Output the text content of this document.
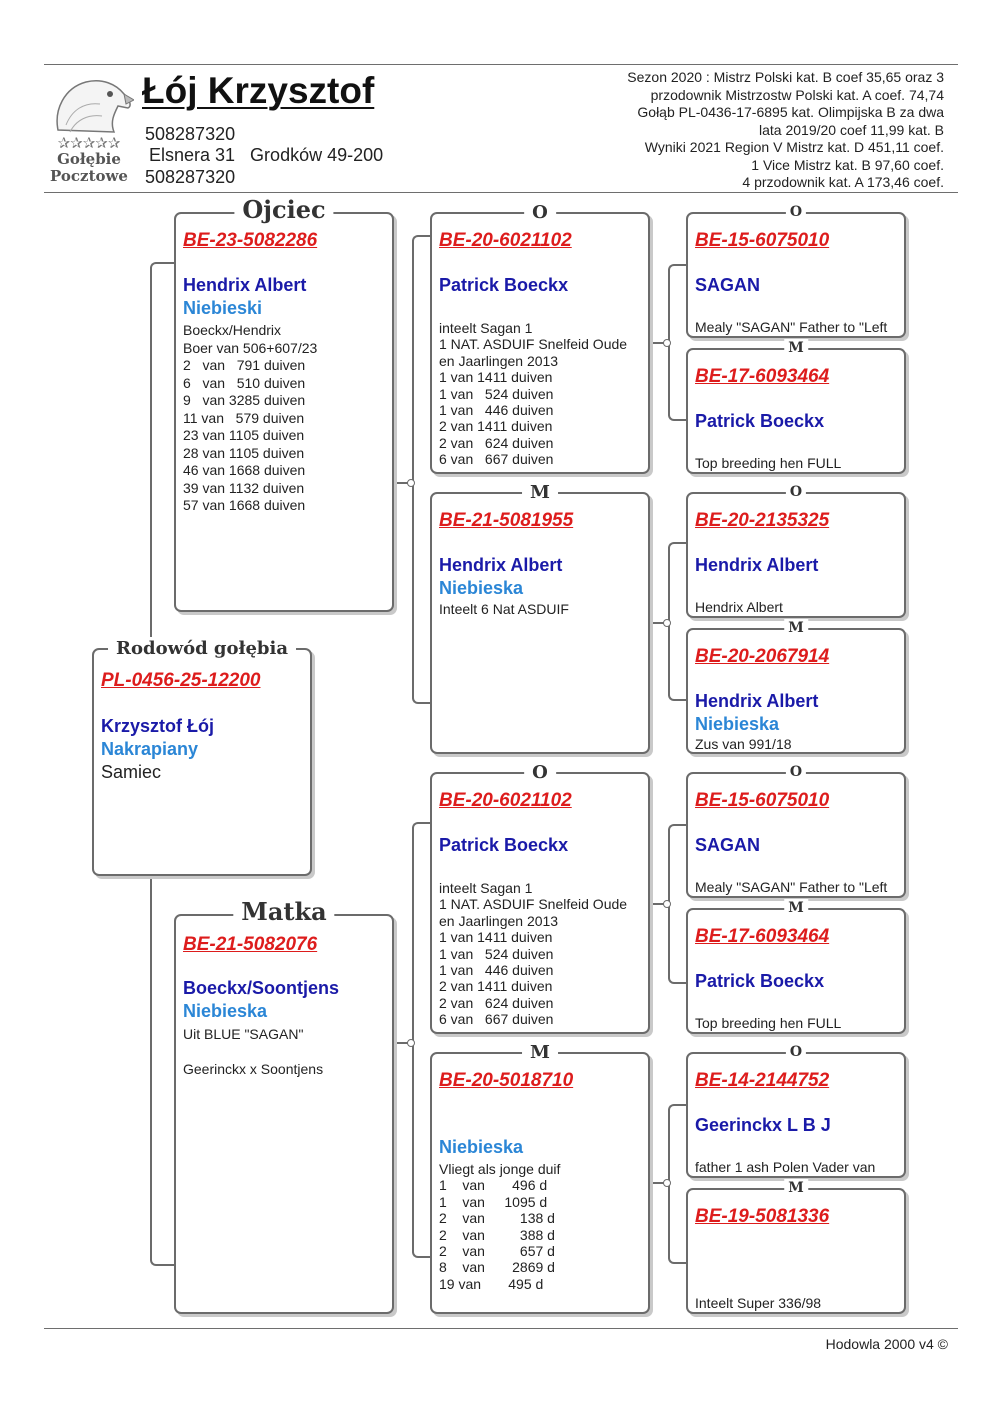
✰✰✰✰✰
Gołębie
Pocztowe
Łój Krzysztof
508287320
Elsnera 31   Grodków 49-200
508287320
Sezon 2020 : Mistrz Polski kat. B coef 35,65 oraz 3
przodownik Mistrzostw Polski kat. A coef. 74,74
Gołąb PL-0436-17-6895 kat. Olimpijska B za dwa
lata 2019/20 coef 11,99 kat. B
Wyniki 2021 Region V Mistrz kat. D 451,11 coef.
1 Vice Mistrz kat. B 97,60 coef.
4 przodownik kat. A 173,46 coef.
Ojciec
BE-23-5082286
Hendrix Albert
Niebieski
Boeckx/Hendrix
Boer van 506+607/23
2   van   791 duiven
6   van   510 duiven
9   van 3285 duiven
11 van   579 duiven
23 van 1105 duiven
28 van 1105 duiven
46 van 1668 duiven
39 van 1132 duiven
57 van 1668 duiven
Rodowód gołębia
PL-0456-25-12200
Krzysztof Łój
Nakrapiany
Samiec
Matka
BE-21-5082076
Boeckx/Soontjens
Niebieska
Uit BLUE "SAGAN"

Geerinckx x Soontjens
O
BE-20-6021102
Patrick Boeckx
inteelt Sagan 1
1 NAT. ASDUIF Snelfeid Oude
en Jaarlingen 2013
1 van 1411 duiven
1 van   524 duiven
1 van   446 duiven
2 van 1411 duiven
2 van   624 duiven
6 van   667 duiven
M
BE-21-5081955
Hendrix Albert
Niebieska
Inteelt 6 Nat ASDUIF
O
BE-20-6021102
Patrick Boeckx
inteelt Sagan 1
1 NAT. ASDUIF Snelfeid Oude
en Jaarlingen 2013
1 van 1411 duiven
1 van   524 duiven
1 van   446 duiven
2 van 1411 duiven
2 van   624 duiven
6 van   667 duiven
M
BE-20-5018710
Niebieska
Vliegt als jonge duif
1    van       496 d
1    van     1095 d
2    van         138 d
2    van         388 d
2    van         657 d
8    van       2869 d
19 van       495 d
O
BE-15-6075010
SAGAN
Mealy "SAGAN" Father to "Left
M
BE-17-6093464
Patrick Boeckx
Top breeding hen FULL
O
BE-20-2135325
Hendrix Albert
Hendrix Albert
M
BE-20-2067914
Hendrix Albert
Niebieska
Zus van 991/18
O
BE-15-6075010
SAGAN
Mealy "SAGAN" Father to "Left
M
BE-17-6093464
Patrick Boeckx
Top breeding hen FULL
O
BE-14-2144752
Geerinckx L B J
father 1 ash Polen Vader van
M
BE-19-5081336
Inteelt Super 336/98
Hodowla 2000 v4 ©
